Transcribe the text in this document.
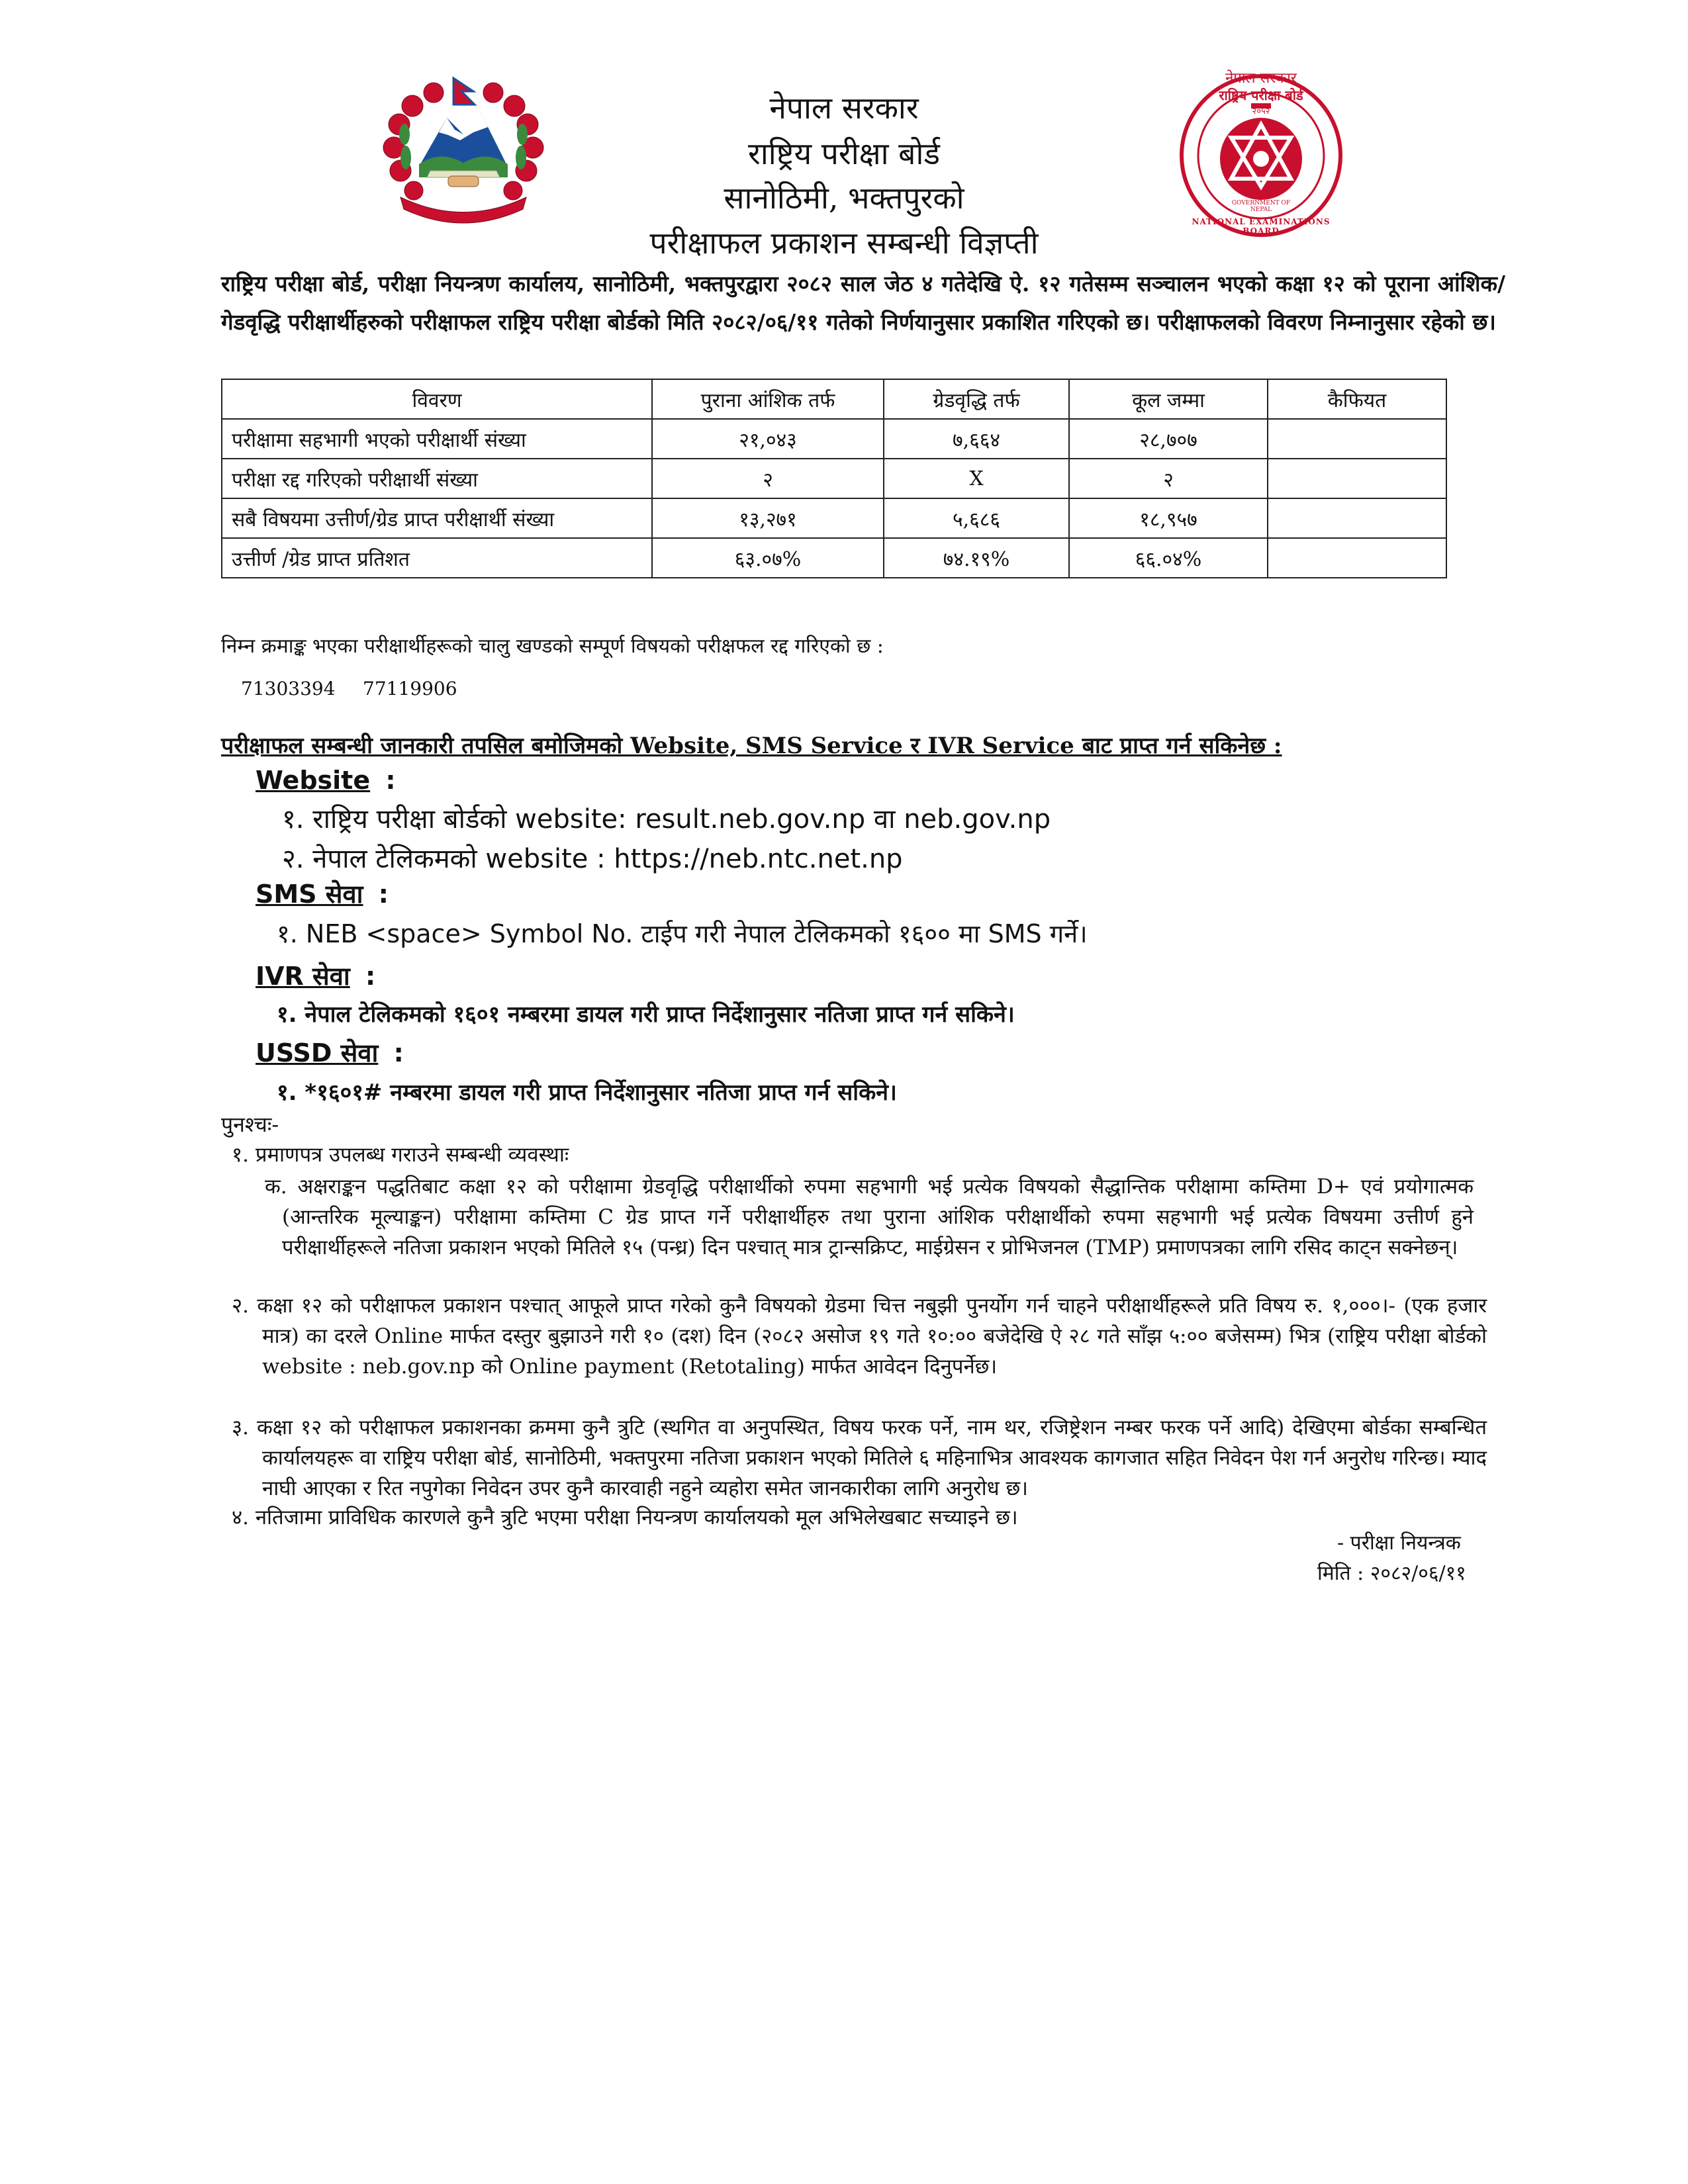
जननी जन्मभूमिश्च स्वर्गादपि गरीयसी
नेपाल सरकार
राष्ट्रिय परीक्षा बोर्ड
२०५२
GOVERNMENT OF NEPAL
NATIONAL EXAMINATIONS BOARD
नेपाल सरकार
राष्ट्रिय परीक्षा बोर्ड
सानोठिमी, भक्तपुरको
परीक्षाफल प्रकाशन सम्बन्धी विज्ञप्ती
राष्ट्रिय परीक्षा बोर्ड, परीक्षा नियन्त्रण कार्यालय, सानोठिमी, भक्तपुरद्वारा २०८२ साल जेठ ४ गतेदेखि ऐ. १२ गतेसम्म सञ्चालन भएको कक्षा १२ को पूराना आंशिक/गेडवृद्धि परीक्षार्थीहरुको परीक्षाफल राष्ट्रिय परीक्षा बोर्डको मिति २०८२/०६/११ गतेको निर्णयानुसार प्रकाशित गरिएको छ। परीक्षाफलको विवरण निम्नानुसार रहेको छ।
विवरण	पुराना आंशिक तर्फ	ग्रेडवृद्धि तर्फ	कूल जम्मा	कैफियत
परीक्षामा सहभागी भएको परीक्षार्थी संख्या	२१,०४३	७,६६४	२८,७०७	
परीक्षा रद्द गरिएको परीक्षार्थी संख्या	२	X	२	
सबै विषयमा उत्तीर्ण/ग्रेड प्राप्त परीक्षार्थी संख्या	१३,२७१	५,६८६	१८,९५७	
उत्तीर्ण /ग्रेड प्राप्त प्रतिशत	६३.०७%	७४.१९%	६६.०४%	
निम्न क्रमाङ्क भएका परीक्षार्थीहरूको चालु खण्डको सम्पूर्ण विषयको परीक्षफल रद्द गरिएको छ :
71303394 77119906
परीक्षाफल सम्बन्धी जानकारी तपसिल बमोजिमको Website, SMS Service र IVR Service बाट प्राप्त गर्न सकिनेछ :
Website :
१. राष्ट्रिय परीक्षा बोर्डको website: result.neb.gov.np वा neb.gov.np
२. नेपाल टेलिकमको website : https://neb.ntc.net.np
SMS सेवा :
१. NEB <space> Symbol No. टाईप गरी नेपाल टेलिकमको १६०० मा SMS गर्ने।
IVR सेवा :
१. नेपाल टेलिकमको १६०१ नम्बरमा डायल गरी प्राप्त निर्देशानुसार नतिजा प्राप्त गर्न सकिने।
USSD सेवा :
१. *१६०१# नम्बरमा डायल गरी प्राप्त निर्देशानुसार नतिजा प्राप्त गर्न सकिने।
पुनश्चः-
१. प्रमाणपत्र उपलब्ध गराउने सम्बन्धी व्यवस्थाः
क. अक्षराङ्कन पद्धतिबाट कक्षा १२ को परीक्षामा ग्रेडवृद्धि परीक्षार्थीको रुपमा सहभागी भई प्रत्येक विषयको सैद्धान्तिक परीक्षामा कम्तिमा D+ एवं प्रयोगात्मक (आन्तरिक मूल्याङ्कन) परीक्षामा कम्तिमा C ग्रेड प्राप्त गर्ने परीक्षार्थीहरु तथा पुराना आंशिक परीक्षार्थीको रुपमा सहभागी भई प्रत्येक विषयमा उत्तीर्ण हुने परीक्षार्थीहरूले नतिजा प्रकाशन भएको मितिले १५ (पन्ध्र) दिन पश्चात् मात्र ट्रान्सक्रिप्ट, माईग्रेसन र प्रोभिजनल (TMP) प्रमाणपत्रका लागि रसिद काट्न सक्नेछन्।
२. कक्षा १२ को परीक्षाफल प्रकाशन पश्चात् आफूले प्राप्त गरेको कुनै विषयको ग्रेडमा चित्त नबुझी पुनर्योग गर्न चाहने परीक्षार्थीहरूले प्रति विषय रु. १,०००।- (एक हजार मात्र) का दरले Online मार्फत दस्तुर बुझाउने गरी १० (दश) दिन (२०८२ असोज १९ गते १०:०० बजेदेखि ऐ २८ गते साँझ ५:०० बजेसम्म) भित्र (राष्ट्रिय परीक्षा बोर्डको website : neb.gov.np को Online payment (Retotaling) मार्फत आवेदन दिनुपर्नेछ।
३. कक्षा १२ को परीक्षाफल प्रकाशनका क्रममा कुनै त्रुटि (स्थगित वा अनुपस्थित, विषय फरक पर्ने, नाम थर, रजिष्ट्रेशन नम्बर फरक पर्ने आदि) देखिएमा बोर्डका सम्बन्धित कार्यालयहरू वा राष्ट्रिय परीक्षा बोर्ड, सानोठिमी, भक्तपुरमा नतिजा प्रकाशन भएको मितिले ६ महिनाभित्र आवश्यक कागजात सहित निवेदन पेश गर्न अनुरोध गरिन्छ। म्याद नाघी आएका र रित नपुगेका निवेदन उपर कुनै कारवाही नहुने व्यहोरा समेत जानकारीका लागि अनुरोध छ।
४. नतिजामा प्राविधिक कारणले कुनै त्रुटि भएमा परीक्षा नियन्त्रण कार्यालयको मूल अभिलेखबाट सच्याइने छ।
- परीक्षा नियन्त्रक
मिति : २०८२/०६/११
